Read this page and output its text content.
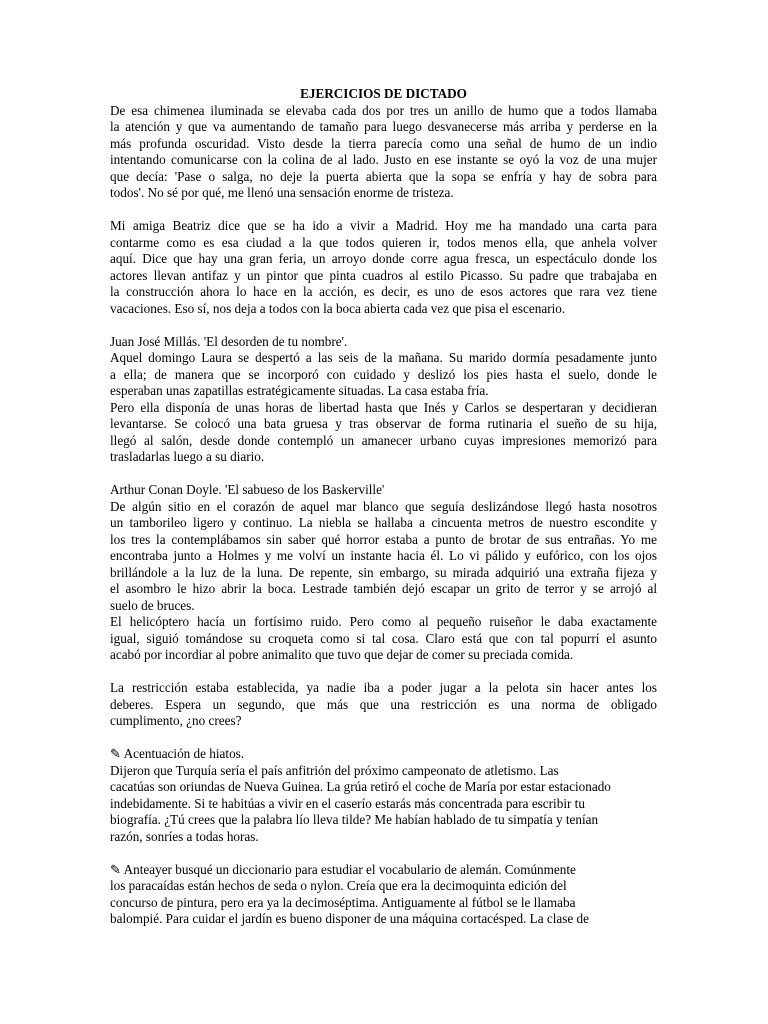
EJERCICIOS DE DICTADO
De esa chimenea iluminada se elevaba cada dos por tres un anillo de humo que a todos llamaba
la atención y que va aumentando de tamaño para luego desvanecerse más arriba y perderse en la
más profunda oscuridad. Visto desde la tierra parecía como una señal de humo de un indio
intentando comunicarse con la colina de al lado. Justo en ese instante se oyó la voz de una mujer
que decía: 'Pase o salga, no deje la puerta abierta que la sopa se enfría y hay de sobra para
todos'. No sé por qué, me llenó una sensación enorme de tristeza.
Mi amiga Beatriz dice que se ha ido a vivir a Madrid. Hoy me ha mandado una carta para
contarme como es esa ciudad a la que todos quieren ir, todos menos ella, que anhela volver
aquí. Dice que hay una gran feria, un arroyo donde corre agua fresca, un espectáculo donde los
actores llevan antifaz y un pintor que pinta cuadros al estilo Picasso. Su padre que trabajaba en
la construcción ahora lo hace en la acción, es decir, es uno de esos actores que rara vez tiene
vacaciones. Eso sí, nos deja a todos con la boca abierta cada vez que pisa el escenario.
Juan José Millás. 'El desorden de tu nombre'.
Aquel domingo Laura se despertó a las seis de la mañana. Su marido dormía pesadamente junto
a ella; de manera que se incorporó con cuidado y deslizó los pies hasta el suelo, donde le
esperaban unas zapatillas estratégicamente situadas. La casa estaba fría.
Pero ella disponía de unas horas de libertad hasta que Inés y Carlos se despertaran y decidieran
levantarse. Se colocó una bata gruesa y tras observar de forma rutinaria el sueño de su hija,
llegó al salón, desde donde contempló un amanecer urbano cuyas impresiones memorizó para
trasladarlas luego a su diario.
Arthur Conan Doyle. 'El sabueso de los Baskerville'
De algún sitio en el corazón de aquel mar blanco que seguía deslizándose llegó hasta nosotros
un tamborileo ligero y continuo. La niebla se hallaba a cincuenta metros de nuestro escondite y
los tres la contemplábamos sin saber qué horror estaba a punto de brotar de sus entrañas. Yo me
encontraba junto a Holmes y me volví un instante hacia él. Lo vi pálido y eufórico, con los ojos
brillándole a la luz de la luna. De repente, sin embargo, su mirada adquirió una extraña fijeza y
el asombro le hizo abrir la boca. Lestrade también dejó escapar un grito de terror y se arrojó al
suelo de bruces.
El helicóptero hacía un fortísimo ruido. Pero como al pequeño ruiseñor le daba exactamente
igual, siguió tomándose su croqueta como si tal cosa. Claro está que con tal popurrí el asunto
acabó por incordiar al pobre animalito que tuvo que dejar de comer su preciada comida.
La restricción estaba establecida, ya nadie iba a poder jugar a la pelota sin hacer antes los
deberes. Espera un segundo, que más que una restricción es una norma de obligado
cumplimento, ¿no crees?
✎ Acentuación de hiatos.
Dijeron que Turquía sería el país anfitrión del próximo campeonato de atletismo. Las
cacatúas son oriundas de Nueva Guinea. La grúa retiró el coche de María por estar estacionado
indebidamente. Si te habitúas a vivir en el caserío estarás más concentrada para escribir tu
biografía. ¿Tú crees que la palabra lío lleva tilde? Me habían hablado de tu simpatía y tenían
razón, sonríes a todas horas.
✎ Anteayer busqué un diccionario para estudiar el vocabulario de alemán. Comúnmente
los paracaídas están hechos de seda o nylon. Creía que era la decimoquinta edición del
concurso de pintura, pero era ya la decimoséptima. Antiguamente al fútbol se le llamaba
balompié. Para cuidar el jardín es bueno disponer de una máquina cortacésped. La clase de
